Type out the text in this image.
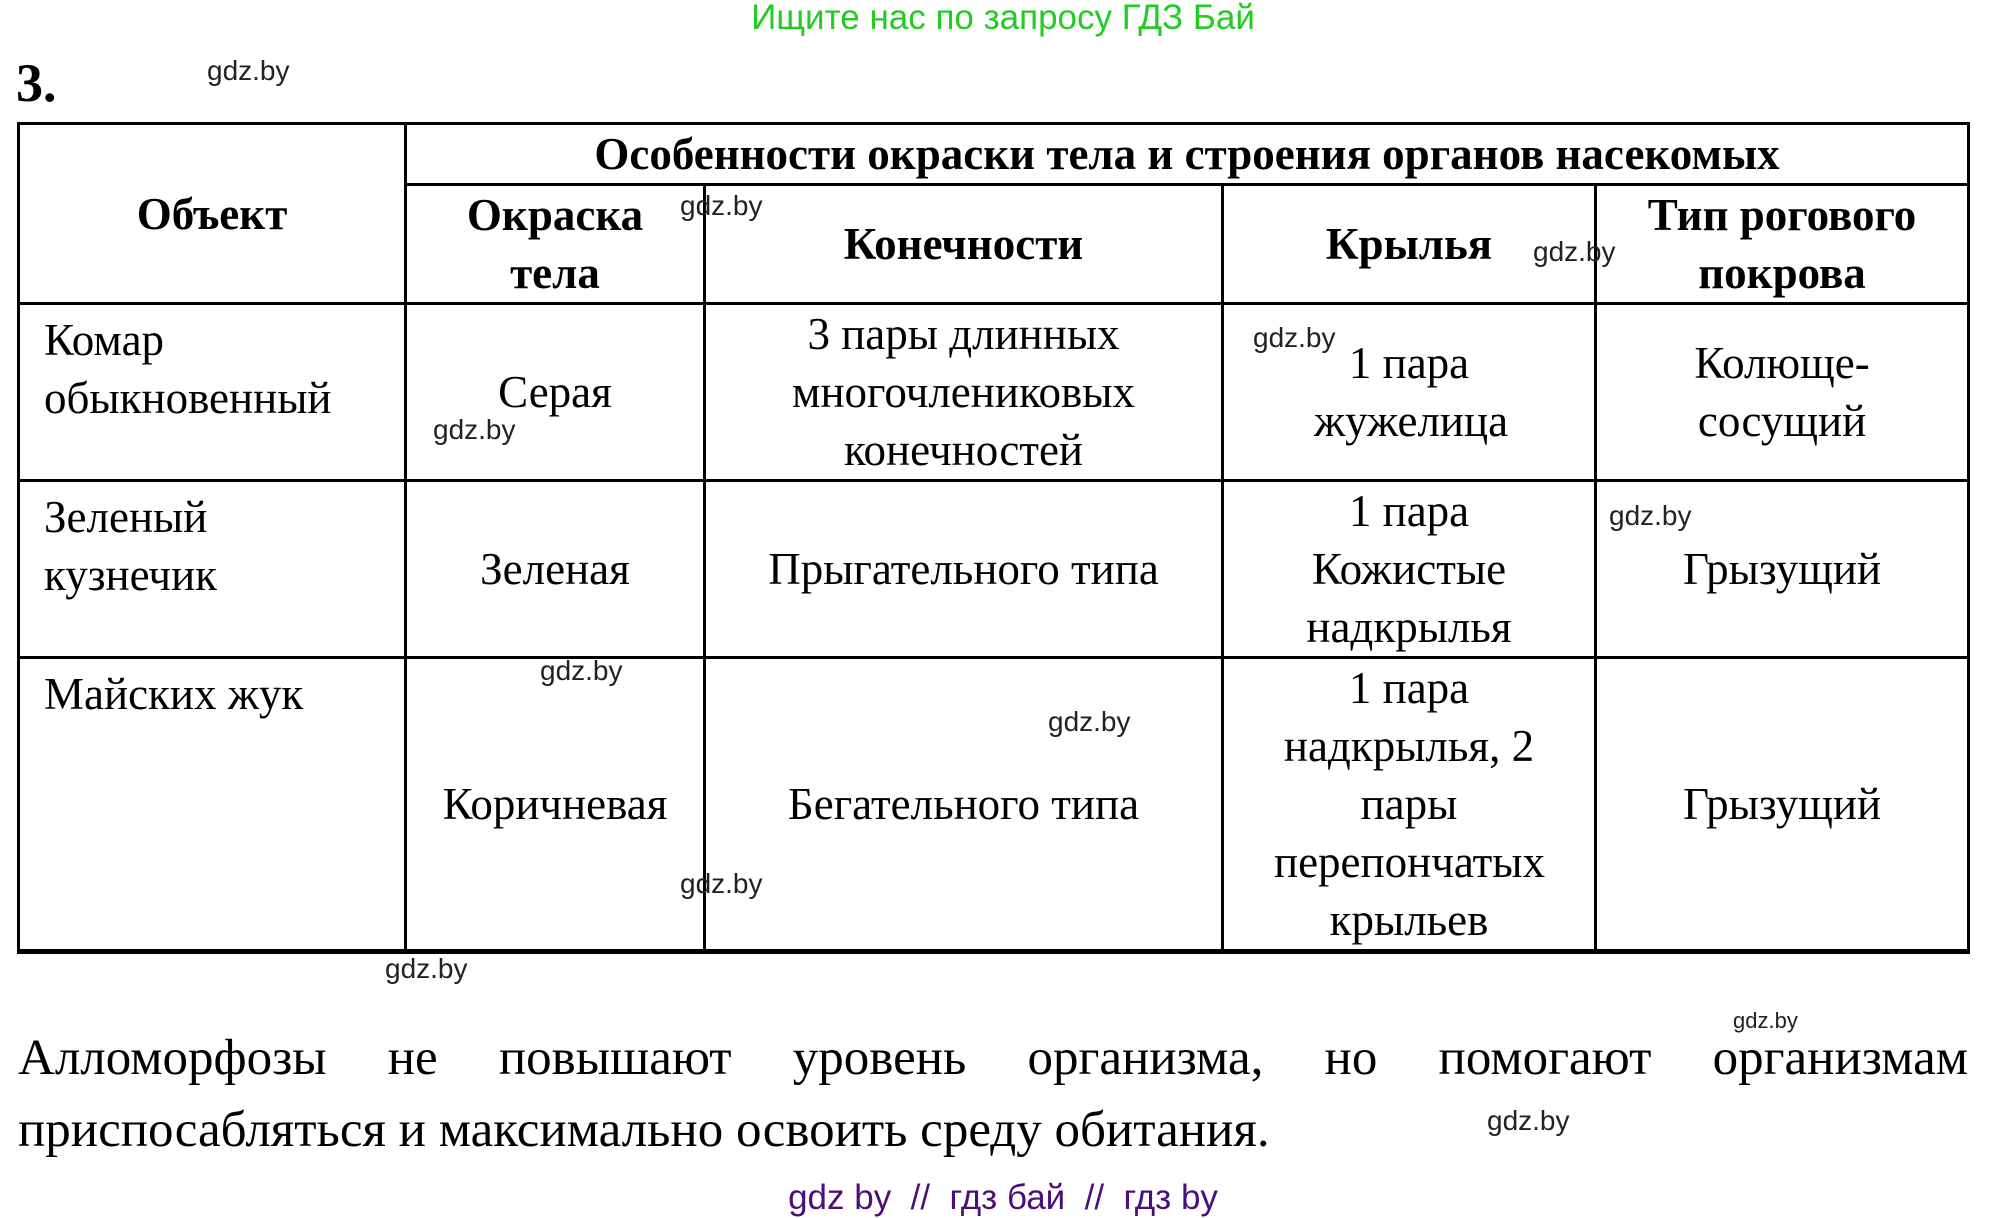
Ищите нас по запросу ГДЗ Бай
3.	gdz.by
Объект	Особенности окраски тела и строения органов насекомых			
	Окраска тела	Конечности	Крылья	Тип рогового покрова
Комар обыкновенный	Серая	3 пары длинных многочлениковых конечностей	1 пара жужелица	Колюще-сосущий
Зеленый кузнечик	Зеленая	Прыгательного типа	1 пара Кожистые надкрылья	Грызущий
Майских жук	Коричневая	Бегательного типа	1 пара надкрылья, 2 пары перепончатых крыльев	Грызущий
gdz.by
gdz.by
gdz.by
gdz.by
gdz.by
gdz.by
gdz.by
gdz.by
gdz.by
gdz.by
Алломорфозы не повышают уровень организма, но помогают организмам приспосабляться и максимально освоить среду обитания.	gdz.by
gdz by  //  гдз бай  //  гдз by
